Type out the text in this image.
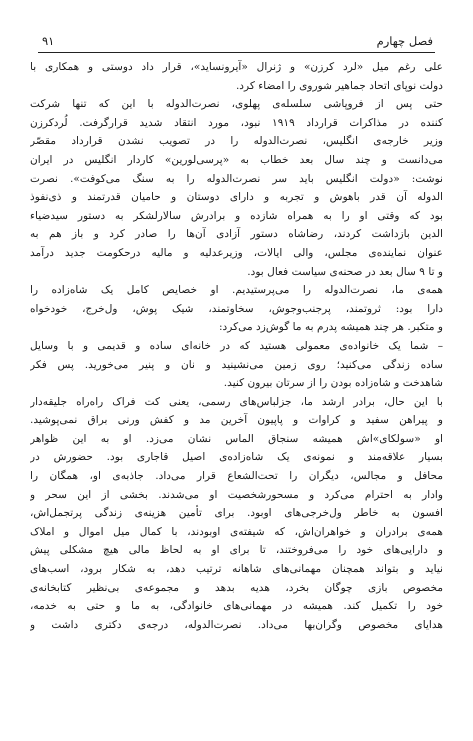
فصل چهارم
۹۱
علی رغم میل «لرد کرزن» و ژنرال «آیرونساید»، قرار داد دوستی و همکاری با
دولت نوپای اتحاد جماهیر شوروی را امضاء کرد.
حتی پس از فروپاشی سلسله‌ی پهلوی، نصرت‌الدوله با این که تنها شرکت
کننده در مذاکرات قرارداد ۱۹۱۹ نبود، مورد انتقاد شدید قرارگرفت. لُردکرزن
وزیر خارجه‌ی انگلیس، نصرت‌الدوله را در تصویب نشدن قرارداد مقصّر
می‌دانست و چند سال بعد خطاب به «پرسی‌لورین» کاردار انگلیس در ایران
نوشت: «دولت انگلیس باید سر نصرت‌الدوله را به سنگ می‌کوفت». نصرت
الدوله آن قدر باهوش و تجربه و دارای دوستان و حامیان قدرتمند و ذی‌نفوذ
بود که وقتی او را به همراه شازده و برادرش سالارلشکر به دستور سیدضیاء
الدین بازداشت کردند، رضاشاه دستور آزادی آن‌ها را صادر کرد و باز هم به
عنوان نماینده‌ی مجلس، والی ایالات، وزیرعدلیه و مالیه درحکومت جدید درآمد
و تا ۹ سال بعد در صحنه‌ی سیاست فعال بود.
همه‌ی ما، نصرت‌الدوله را می‌پرستیدیم. او خصایص کامل یک شاه‌زاده را
دارا بود: ثروتمند، پرجنب‌وجوش، سخاوتمند، شیک پوش، ول‌خرج، خودخواه
و متکبر. هر چند همیشه پدرم به ما گوش‌زد می‌کرد:
– شما یک خانواده‌ی معمولی هستید که در خانه‌ای ساده و قدیمی و با وسایل
ساده زندگی می‌کنید؛ روی زمین می‌نشینید و نان و پنیر می‌خورید. پس فکر
شاهدخت و شاه‌زاده بودن را از سرتان بیرون کنید.
با این حال، برادر ارشد ما، جزلباس‌های رسمی، یعنی کت فراک راه‌راه جلیقه‌دار
و پیراهن سفید و کراوات و پاپیون آخرین مد و کفش ورنی براق نمی‌پوشید.
او «سولکای»اش همیشه سنجاق الماس نشان می‌زد. او به این ظواهر
بسیار علاقه‌مند و نمونه‌ی یک شاه‌زاده‌ی اصیل قاجاری بود. حضورش در
محافل و مجالس، دیگران را تحت‌الشعاع قرار می‌داد. جاذبه‌ی او، همگان را
وادار به احترام می‌کرد و مسحورشخصیت او می‌شدند. بخشی از این سحر و
افسون به خاطر ول‌خرجی‌های اوبود. برای تأمین هزینه‌ی زندگی پرتجمل‌اش،
همه‌ی برادران و خواهران‌اش، که شیفته‌ی اوبودند، با کمال میل اموال و املاک
و دارایی‌های خود را می‌فروختند، تا برای او به لحاظ مالی هیچ مشکلی پیش
نیاید و بتواند همچنان مهمانی‌های شاهانه ترتیب دهد، به شکار برود، اسب‌های
مخصوص بازی چوگان بخرد، هدیه بدهد و مجموعه‌ی بی‌نظیر کتابخانه‌ی
خود را تکمیل کند. همیشه در مهمانی‌های خانوادگی، به ما و حتی به خدمه،
هدایای مخصوص وگران‌بها می‌داد. نصرت‌الدوله، درجه‌ی دکتری داشت و
